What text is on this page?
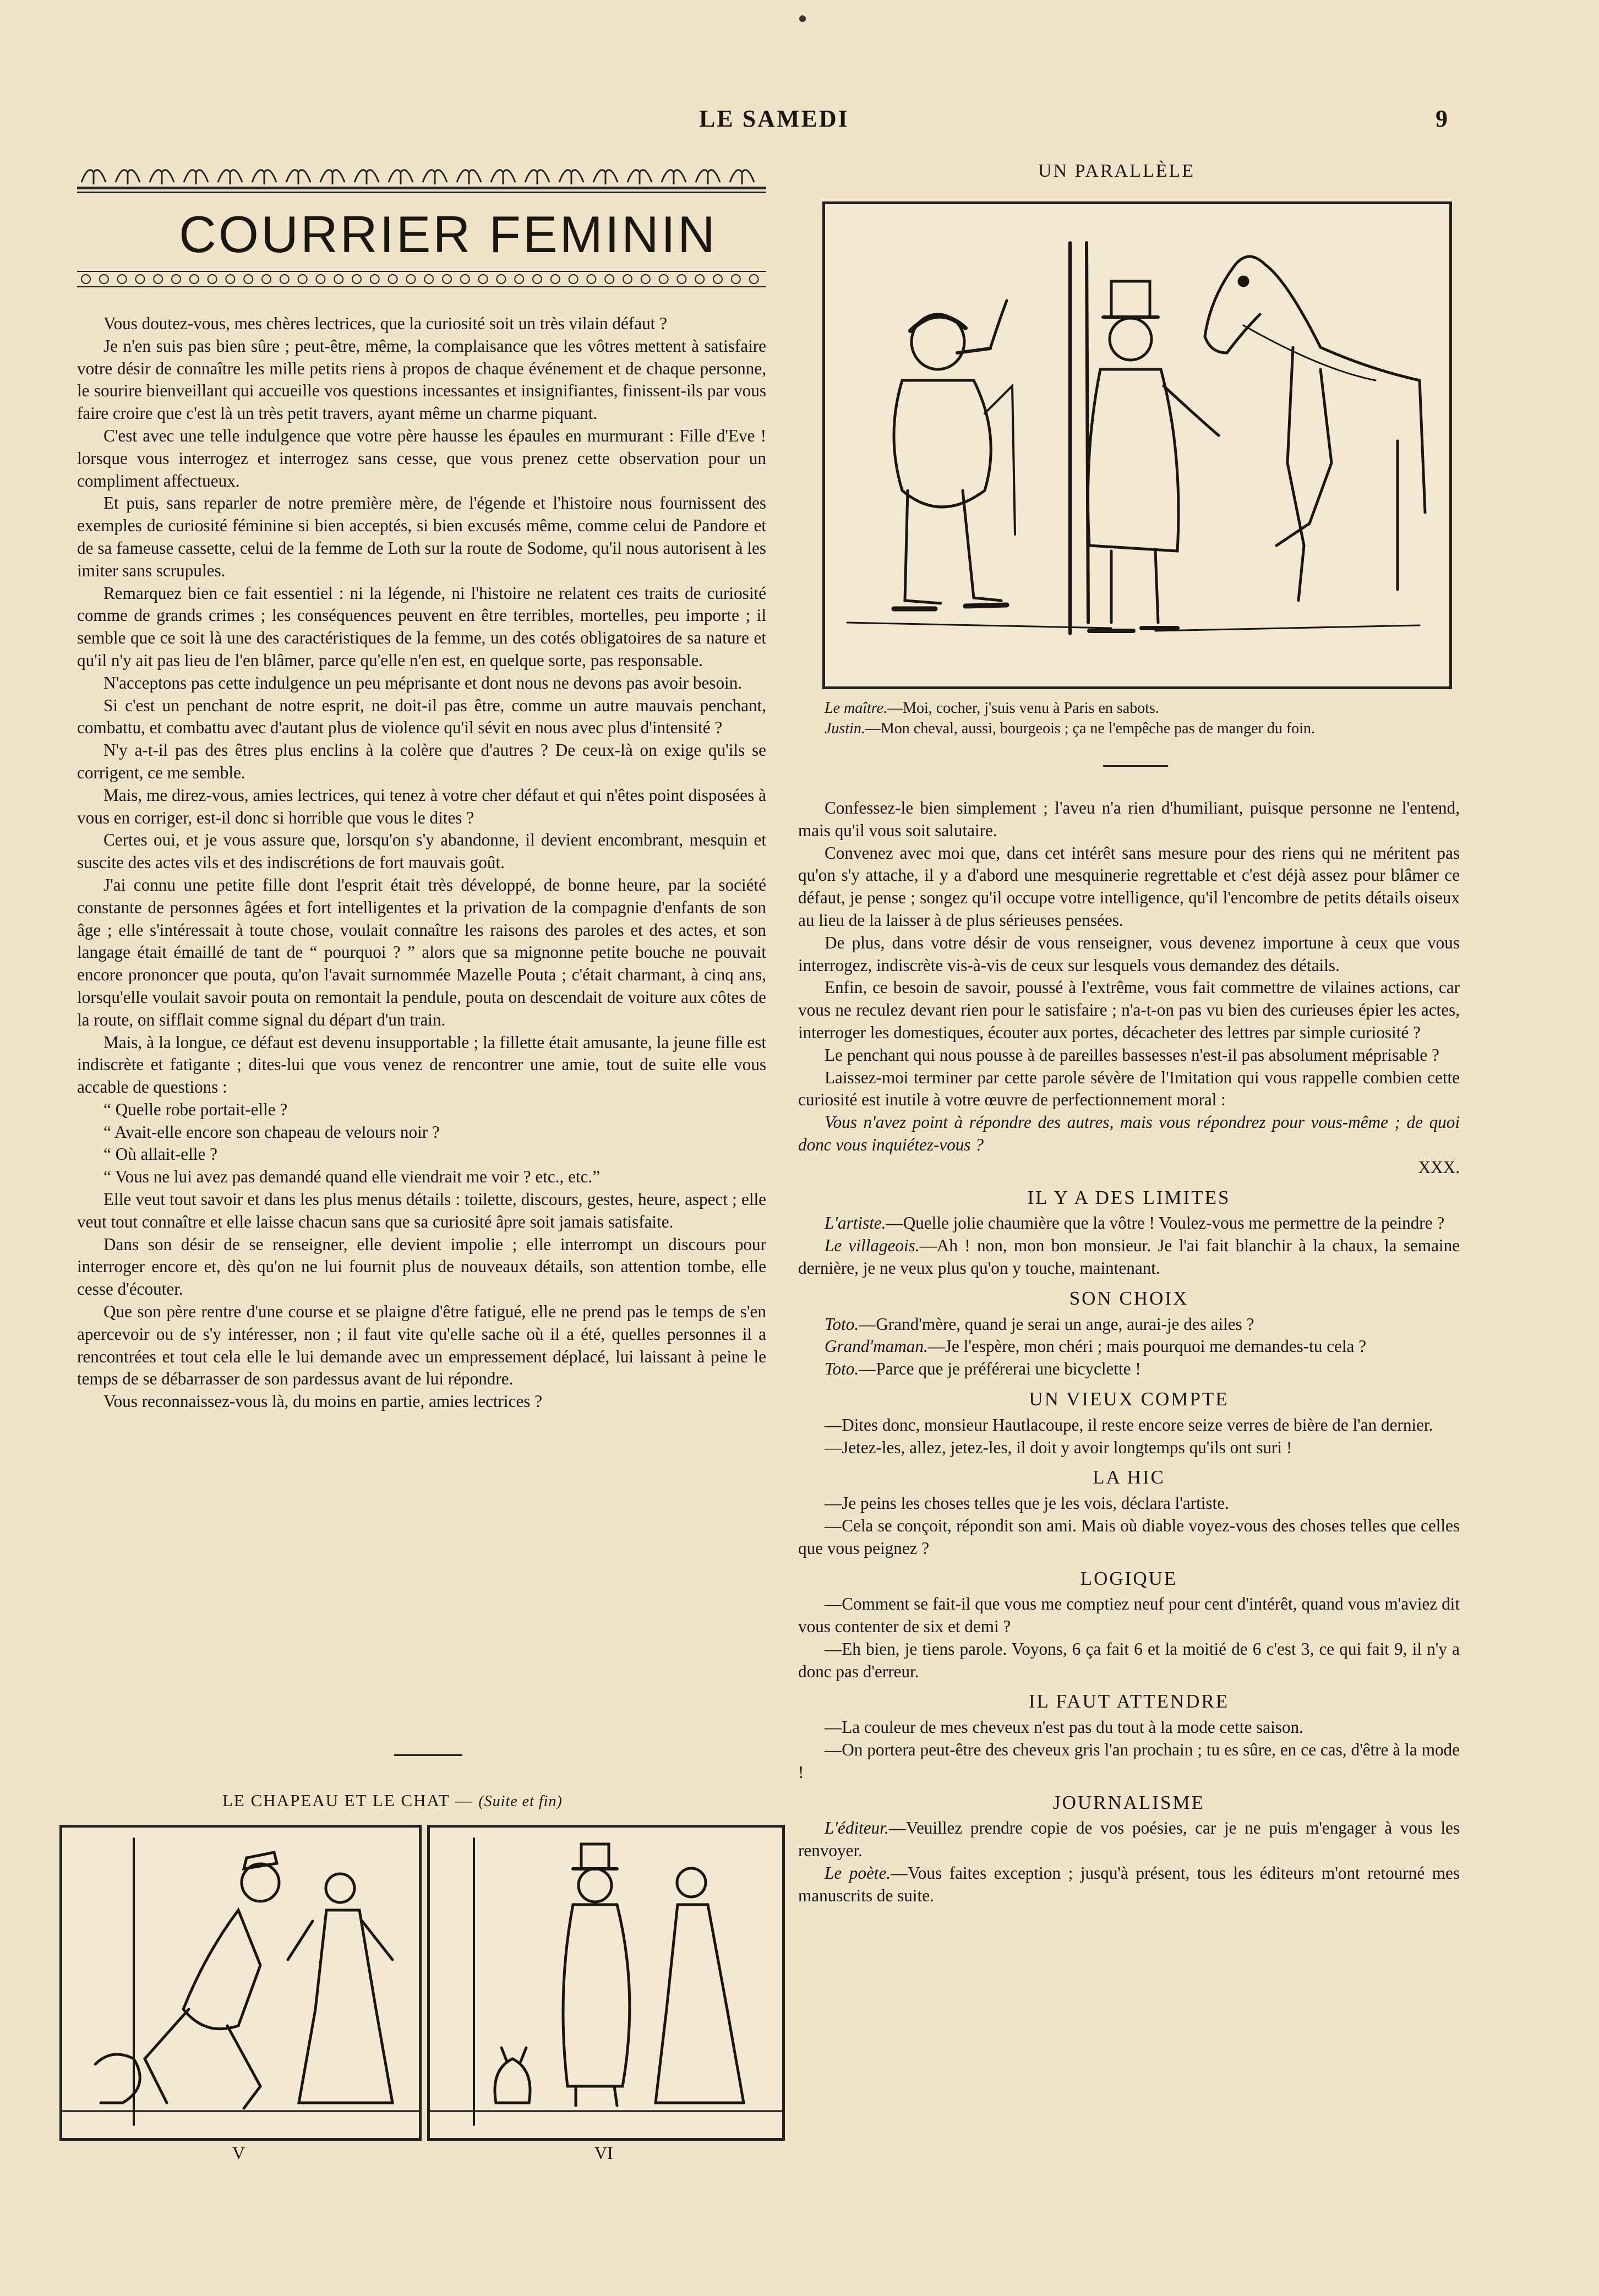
LE SAMEDI	9
COURRIER FEMININ

Vous doutez-vous, mes chères lectrices, que la curiosité soit un très vilain défaut ?

Je n'en suis pas bien sûre ; peut-être, même, la complaisance que les vôtres mettent à satisfaire votre désir de connaître les mille petits riens à propos de chaque événement et de chaque personne, le sourire bienveillant qui accueille vos questions incessantes et insignifiantes, finissent-ils par vous faire croire que c'est là un très petit travers, ayant même un charme piquant.

C'est avec une telle indulgence que votre père hausse les épaules en murmurant : Fille d'Eve ! lorsque vous interrogez et interrogez sans cesse, que vous prenez cette observation pour un compliment affectueux.

Et puis, sans reparler de notre première mère, de l'égende et l'histoire nous fournissent des exemples de curiosité féminine si bien acceptés, si bien excusés même, comme celui de Pandore et de sa fameuse cassette, celui de la femme de Loth sur la route de Sodome, qu'il nous autorisent à les imiter sans scrupules.

Remarquez bien ce fait essentiel : ni la légende, ni l'histoire ne relatent ces traits de curiosité comme de grands crimes ; les conséquences peuvent en être terribles, mortelles, peu importe ; il semble que ce soit là une des caractéristiques de la femme, un des cotés obligatoires de sa nature et qu'il n'y ait pas lieu de l'en blâmer, parce qu'elle n'en est, en quelque sorte, pas responsable.

N'acceptons pas cette indulgence un peu méprisante et dont nous ne devons pas avoir besoin.

Si c'est un penchant de notre esprit, ne doit-il pas être, comme un autre mauvais penchant, combattu, et combattu avec d'autant plus de violence qu'il sévit en nous avec plus d'intensité ?

N'y a-t-il pas des êtres plus enclins à la colère que d'autres ? De ceux-là on exige qu'ils se corrigent, ce me semble.

Mais, me direz-vous, amies lectrices, qui tenez à votre cher défaut et qui n'êtes point disposées à vous en corriger, est-il donc si horrible que vous le dites ?

Certes oui, et je vous assure que, lorsqu'on s'y abandonne, il devient encombrant, mesquin et suscite des actes vils et des indiscrétions de fort mauvais goût.

J'ai connu une petite fille dont l'esprit était très développé, de bonne heure, par la société constante de personnes âgées et fort intelligentes et la privation de la compagnie d'enfants de son âge ; elle s'intéressait à toute chose, voulait connaître les raisons des paroles et des actes, et son langage était émaillé de tant de “ pourquoi ? ” alors que sa mignonne petite bouche ne pouvait encore prononcer que pouta, qu'on l'avait surnommée Mazelle Pouta ; c'était charmant, à cinq ans, lorsqu'elle voulait savoir pouta on remontait la pendule, pouta on descendait de voiture aux côtes de la route, on sifflait comme signal du départ d'un train.

Mais, à la longue, ce défaut est devenu insupportable ; la fillette était amusante, la jeune fille est indiscrète et fatigante ; dites-lui que vous venez de rencontrer une amie, tout de suite elle vous accable de questions :

“ Quelle robe portait-elle ?

“ Avait-elle encore son chapeau de velours noir ?

“ Où allait-elle ?

“ Vous ne lui avez pas demandé quand elle viendrait me voir ? etc., etc.”

Elle veut tout savoir et dans les plus menus détails : toilette, discours, gestes, heure, aspect ; elle veut tout connaître et elle laisse chacun sans que sa curiosité âpre soit jamais satisfaite.

Dans son désir de se renseigner, elle devient impolie ; elle interrompt un discours pour interroger encore et, dès qu'on ne lui fournit plus de nouveaux détails, son attention tombe, elle cesse d'écouter.

Que son père rentre d'une course et se plaigne d'être fatigué, elle ne prend pas le temps de s'en apercevoir ou de s'y intéresser, non ; il faut vite qu'elle sache où il a été, quelles personnes il a rencontrées et tout cela elle le lui demande avec un empressement déplacé, lui laissant à peine le temps de se débarrasser de son pardessus avant de lui répondre.

Vous reconnaissez-vous là, du moins en partie, amies lectrices ?

UN PARALLÈLE

Le maître.—Moi, cocher, j'suis venu à Paris en sabots.

Justin.—Mon cheval, aussi, bourgeois ; ça ne l'empêche pas de manger du foin.

Confessez-le bien simplement ; l'aveu n'a rien d'humiliant, puisque personne ne l'entend, mais qu'il vous soit salutaire.

Convenez avec moi que, dans cet intérêt sans mesure pour des riens qui ne méritent pas qu'on s'y attache, il y a d'abord une mesquinerie regrettable et c'est déjà assez pour blâmer ce défaut, je pense ; songez qu'il occupe votre intelligence, qu'il l'encombre de petits détails oiseux au lieu de la laisser à de plus sérieuses pensées.

De plus, dans votre désir de vous renseigner, vous devenez importune à ceux que vous interrogez, indiscrète vis-à-vis de ceux sur lesquels vous demandez des détails.

Enfin, ce besoin de savoir, poussé à l'extrême, vous fait commettre de vilaines actions, car vous ne reculez devant rien pour le satisfaire ; n'a-t-on pas vu bien des curieuses épier les actes, interroger les domestiques, écouter aux portes, décacheter des lettres par simple curiosité ?

Le penchant qui nous pousse à de pareilles bassesses n'est-il pas absolument méprisable ?

Laissez-moi terminer par cette parole sévère de l'Imitation qui vous rappelle combien cette curiosité est inutile à votre œuvre de perfectionnement moral :

Vous n'avez point à répondre des autres, mais vous répondrez pour vous-même ; de quoi donc vous inquiétez-vous ?

XXX.

IL Y A DES LIMITES

L'artiste.—Quelle jolie chaumière que la vôtre ! Voulez-vous me permettre de la peindre ?

Le villageois.—Ah ! non, mon bon monsieur. Je l'ai fait blanchir à la chaux, la semaine dernière, je ne veux plus qu'on y touche, maintenant.

SON CHOIX

Toto.—Grand'mère, quand je serai un ange, aurai-je des ailes ?

Grand'maman.—Je l'espère, mon chéri ; mais pourquoi me demandes-tu cela ?

Toto.—Parce que je préférerai une bicyclette !

UN VIEUX COMPTE

—Dites donc, monsieur Hautlacoupe, il reste encore seize verres de bière de l'an dernier.

—Jetez-les, allez, jetez-les, il doit y avoir longtemps qu'ils ont suri !

LA HIC

—Je peins les choses telles que je les vois, déclara l'artiste.

—Cela se conçoit, répondit son ami. Mais où diable voyez-vous des choses telles que celles que vous peignez ?

LOGIQUE

—Comment se fait-il que vous me comptiez neuf pour cent d'intérêt, quand vous m'aviez dit vous contenter de six et demi ?

—Eh bien, je tiens parole. Voyons, 6 ça fait 6 et la moitié de 6 c'est 3, ce qui fait 9, il n'y a donc pas d'erreur.

IL FAUT ATTENDRE

—La couleur de mes cheveux n'est pas du tout à la mode cette saison.

—On portera peut-être des cheveux gris l'an prochain ; tu es sûre, en ce cas, d'être à la mode !

JOURNALISME

L'éditeur.—Veuillez prendre copie de vos poésies, car je ne puis m'engager à vous les renvoyer.

Le poète.—Vous faites exception ; jusqu'à présent, tous les éditeurs m'ont retourné mes manuscrits de suite.

LE CHAPEAU ET LE CHAT — (Suite et fin)
V	VI
